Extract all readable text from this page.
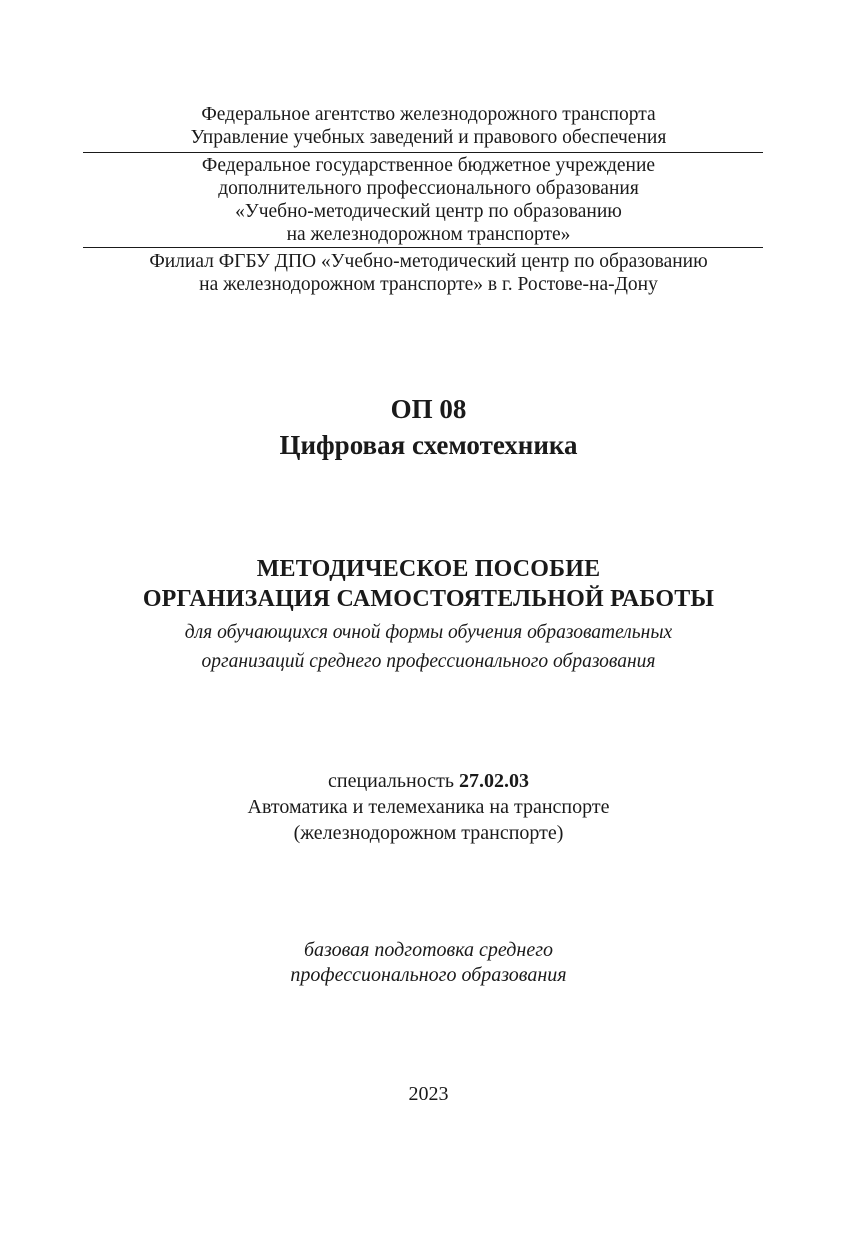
Федеральное агентство железнодорожного транспорта
Управление учебных заведений и правового обеспечения
Федеральное государственное бюджетное учреждение
дополнительного профессионального образования
«Учебно-методический центр по образованию
на железнодорожном транспорте»
Филиал ФГБУ ДПО «Учебно-методический центр по образованию
на железнодорожном транспорте» в г. Ростове-на-Дону
ОП 08
Цифровая схемотехника
МЕТОДИЧЕСКОЕ ПОСОБИЕ
ОРГАНИЗАЦИЯ САМОСТОЯТЕЛЬНОЙ РАБОТЫ
для обучающихся очной формы обучения образовательных
организаций среднего профессионального образования
специальность 27.02.03
Автоматика и телемеханика на транспорте
(железнодорожном транспорте)
базовая подготовка среднего
профессионального образования
2023
